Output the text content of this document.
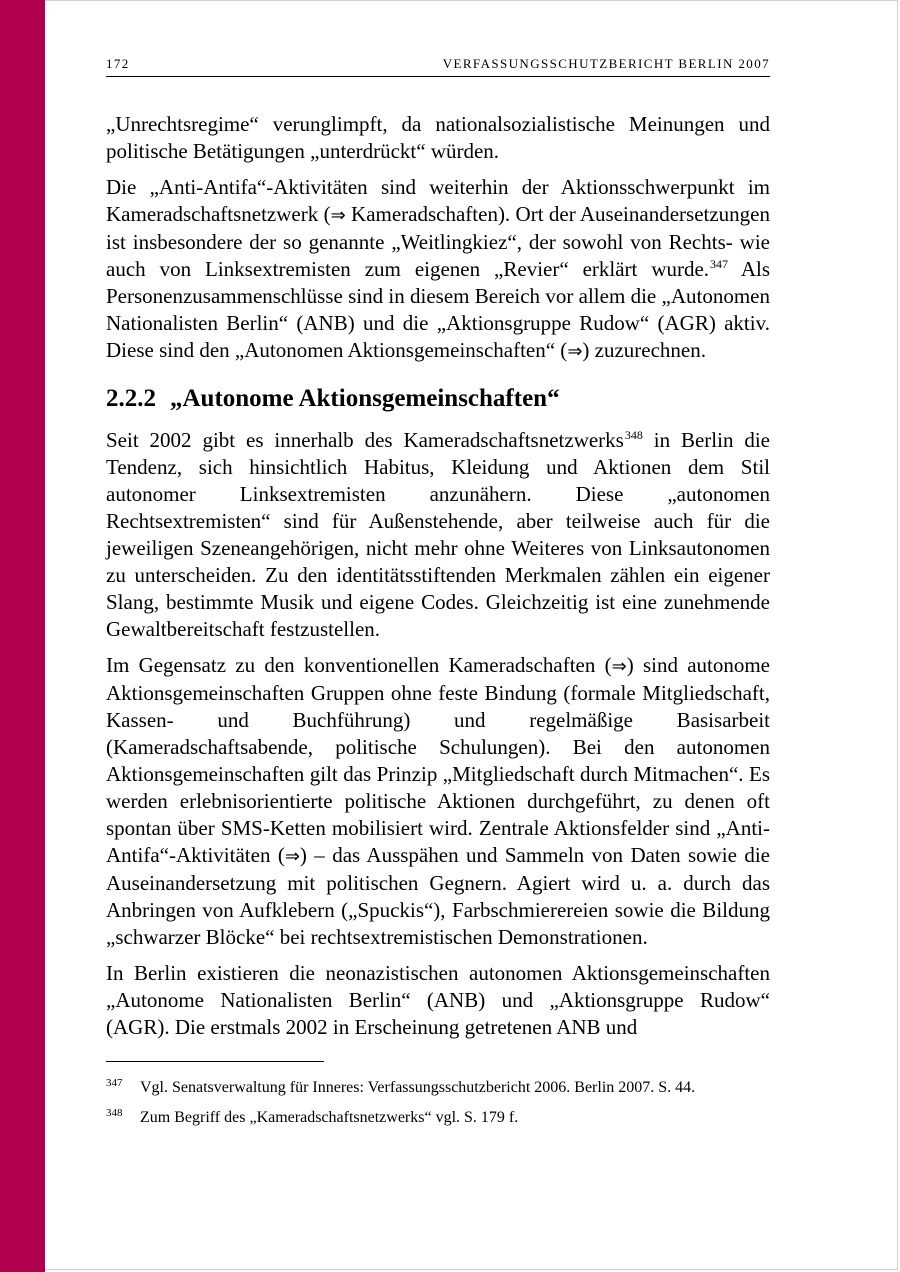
172	VERFASSUNGSSCHUTZBERICHT BERLIN 2007

„Unrechtsregime“ verunglimpft, da nationalsozialistische Meinungen und politische Betätigungen „unterdrückt“ würden.

Die „Anti-Antifa“-Aktivitäten sind weiterhin der Aktionsschwerpunkt im Kameradschaftsnetzwerk (⇒ Kameradschaften). Ort der Auseinandersetzungen ist insbesondere der so genannte „Weitlingkiez“, der sowohl von Rechts- wie auch von Linksextremisten zum eigenen „Revier“ erklärt wurde.$^{347}$ Als Personenzusammenschlüsse sind in diesem Bereich vor allem die „Autonomen Nationalisten Berlin“ (ANB) und die „Aktionsgruppe Rudow“ (AGR) aktiv. Diese sind den „Autonomen Aktionsgemeinschaften“ (⇒) zuzurechnen.

2.2.2 „Autonome Aktionsgemeinschaften“

Seit 2002 gibt es innerhalb des Kameradschaftsnetzwerks$^{348}$ in Berlin die Tendenz, sich hinsichtlich Habitus, Kleidung und Aktionen dem Stil autonomer Linksextremisten anzunähern. Diese „autonomen Rechtsextremisten“ sind für Außenstehende, aber teilweise auch für die jeweiligen Szeneangehörigen, nicht mehr ohne Weiteres von Linksautonomen zu unterscheiden. Zu den identitätsstiftenden Merkmalen zählen ein eigener Slang, bestimmte Musik und eigene Codes. Gleichzeitig ist eine zunehmende Gewaltbereitschaft festzustellen.

Im Gegensatz zu den konventionellen Kameradschaften (⇒) sind autonome Aktionsgemeinschaften Gruppen ohne feste Bindung (formale Mitgliedschaft, Kassen- und Buchführung) und regelmäßige Basisarbeit (Kameradschaftsabende, politische Schulungen). Bei den autonomen Aktionsgemeinschaften gilt das Prinzip „Mitgliedschaft durch Mitmachen“. Es werden erlebnisorientierte politische Aktionen durchgeführt, zu denen oft spontan über SMS-Ketten mobilisiert wird. Zentrale Aktionsfelder sind „Anti-Antifa“-Aktivitäten (⇒) – das Ausspähen und Sammeln von Daten sowie die Auseinandersetzung mit politischen Gegnern. Agiert wird u. a. durch das Anbringen von Aufklebern („Spuckis“), Farbschmierereien sowie die Bildung „schwarzer Blöcke“ bei rechtsextremistischen Demonstrationen.

In Berlin existieren die neonazistischen autonomen Aktionsgemeinschaften „Autonome Nationalisten Berlin“ (ANB) und „Aktionsgruppe Rudow“ (AGR). Die erstmals 2002 in Erscheinung getretenen ANB und

347	Vgl. Senatsverwaltung für Inneres: Verfassungsschutzbericht 2006. Berlin 2007. S. 44.
348	Zum Begriff des „Kameradschaftsnetzwerks“ vgl. S. 179 f.
